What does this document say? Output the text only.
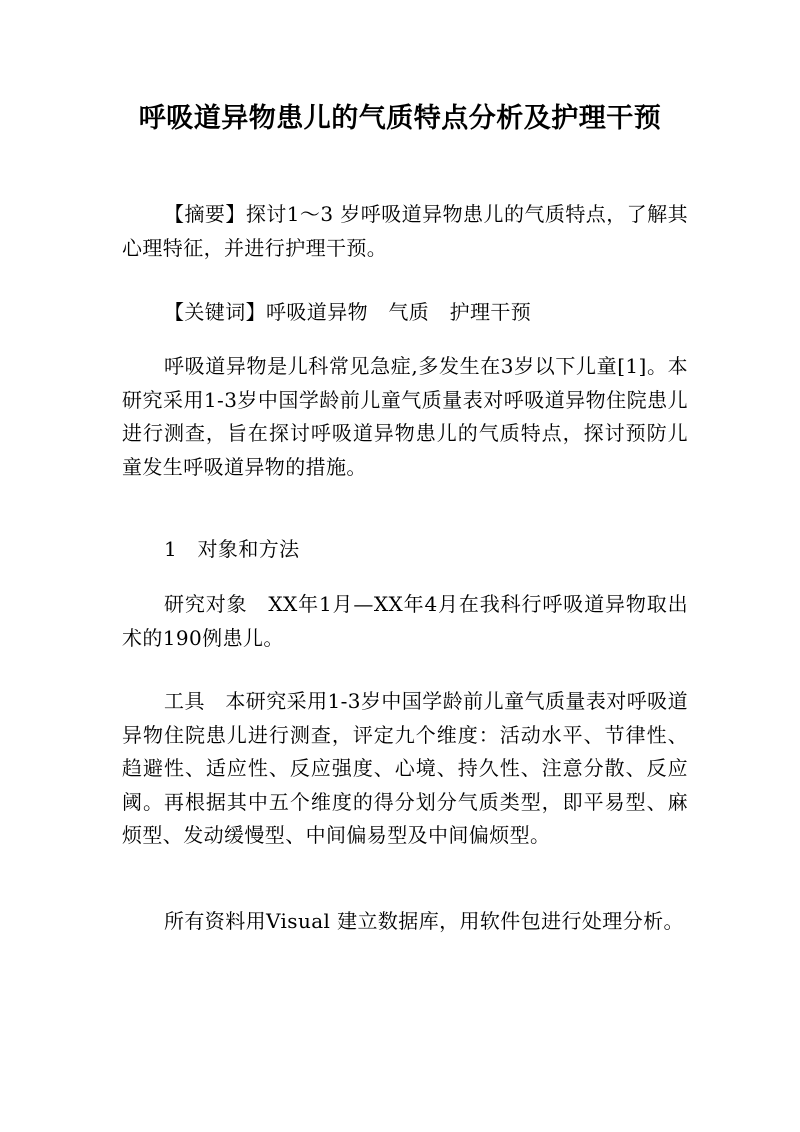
呼吸道异物患儿的气质特点分析及护理干预

【摘要】探讨1～3 岁呼吸道异物患儿的气质特点，了解其心理特征，并进行护理干预。

【关键词】呼吸道异物　气质　护理干预

呼吸道异物是儿科常见急症,多发生在3岁以下儿童[1]。本研究采用1-3岁中国学龄前儿童气质量表对呼吸道异物住院患儿进行测查，旨在探讨呼吸道异物患儿的气质特点，探讨预防儿童发生呼吸道异物的措施。

1　对象和方法

研究对象　XX年1月—XX年4月在我科行呼吸道异物取出术的190例患儿。

工具　本研究采用1-3岁中国学龄前儿童气质量表对呼吸道异物住院患儿进行测查，评定九个维度：活动水平、节律性、趋避性、适应性、反应强度、心境、持久性、注意分散、反应阈。再根据其中五个维度的得分划分气质类型，即平易型、麻烦型、发动缓慢型、中间偏易型及中间偏烦型。

所有资料用Visual 建立数据库，用软件包进行处理分析。
